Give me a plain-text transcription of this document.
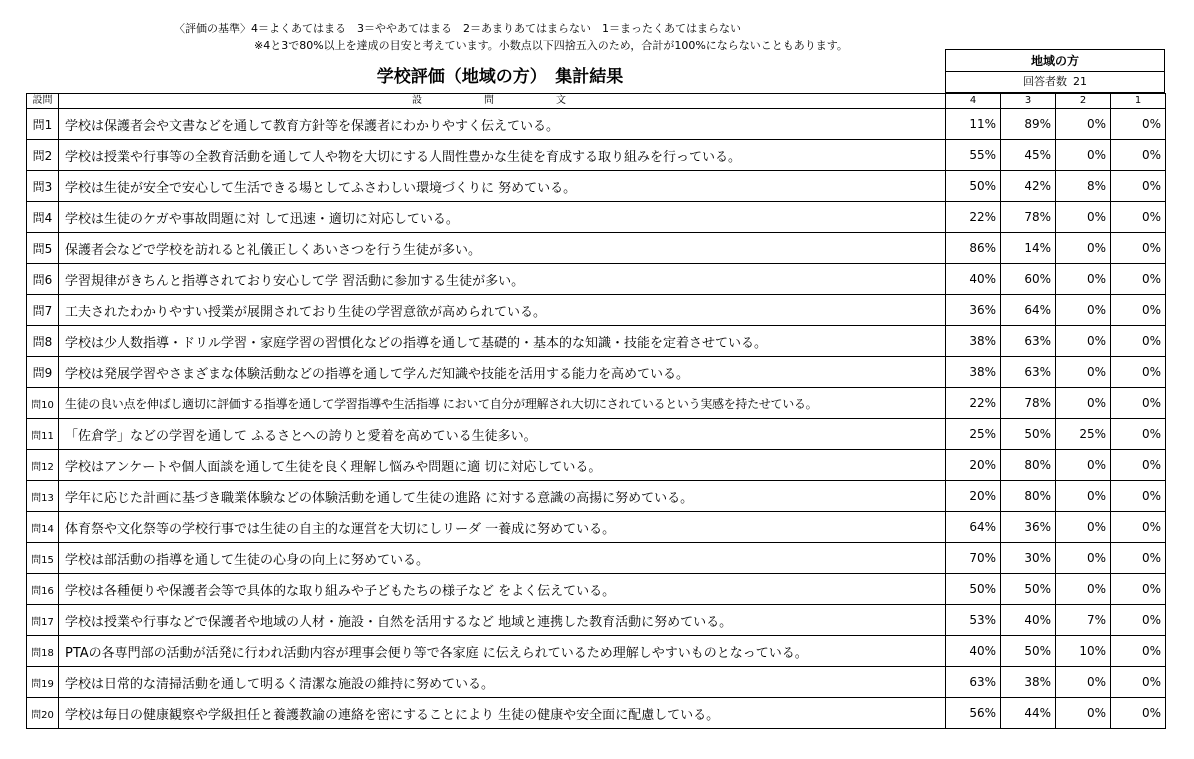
〈評価の基準〉4＝よくあてはまる　3＝ややあてはまる　2＝あまりあてはまらない　1＝まったくあてはまらない
※4と3で80%以上を達成の目安と考えています。小数点以下四捨五入のため，合計が100%にならないこともあります。
学校評価（地域の方）　集計結果
地域の方
回答者数 21
設問	設　問　文	4	3	2	1
問1	学校は保護者会や文書などを通して教育方針等を保護者にわかりやすく伝えている。	11%	89%	0%	0%
問2	学校は授業や行事等の全教育活動を通して人や物を大切にする人間性豊かな生徒を育成する取り組みを行っている。	55%	45%	0%	0%
問3	学校は生徒が安全で安心して生活できる場としてふさわしい環境づくりに 努めている。	50%	42%	8%	0%
問4	学校は生徒のケガや事故問題に対 して迅速・適切に対応している。	22%	78%	0%	0%
問5	保護者会などで学校を訪れると礼儀正しくあいさつを行う生徒が多い。	86%	14%	0%	0%
問6	学習規律がきちんと指導されており安心して学 習活動に参加する生徒が多い。	40%	60%	0%	0%
問7	工夫されたわかりやすい授業が展開されており生徒の学習意欲が高められている。	36%	64%	0%	0%
問8	学校は少人数指導・ドリル学習・家庭学習の習慣化などの指導を通して基礎的・基本的な知識・技能を定着させている。	38%	63%	0%	0%
問9	学校は発展学習やさまざまな体験活動などの指導を通して学んだ知識や技能を活用する能力を高めている。	38%	63%	0%	0%
問10	生徒の良い点を伸ばし適切に評価する指導を通して学習指導や生活指導 において自分が理解され大切にされているという実感を持たせている。	22%	78%	0%	0%
問11	「佐倉学」などの学習を通して ふるさとへの誇りと愛着を高めている生徒多い。	25%	50%	25%	0%
問12	学校はアンケートや個人面談を通して生徒を良く理解し悩みや問題に適 切に対応している。	20%	80%	0%	0%
問13	学年に応じた計画に基づき職業体験などの体験活動を通して生徒の進路 に対する意識の高揚に努めている。	20%	80%	0%	0%
問14	体育祭や文化祭等の学校行事では生徒の自主的な運営を大切にしリーダ 一養成に努めている。	64%	36%	0%	0%
問15	学校は部活動の指導を通して生徒の心身の向上に努めている。	70%	30%	0%	0%
問16	学校は各種便りや保護者会等で具体的な取り組みや子どもたちの様子など をよく伝えている。	50%	50%	0%	0%
問17	学校は授業や行事などで保護者や地域の人材・施設・自然を活用するなど 地域と連携した教育活動に努めている。	53%	40%	7%	0%
問18	PTAの各専門部の活動が活発に行われ活動内容が理事会便り等で各家庭 に伝えられているため理解しやすいものとなっている。	40%	50%	10%	0%
問19	学校は日常的な清掃活動を通して明るく清潔な施設の維持に努めている。	63%	38%	0%	0%
問20	学校は毎日の健康観察や学級担任と養護教諭の連絡を密にすることにより 生徒の健康や安全面に配慮している。	56%	44%	0%	0%
